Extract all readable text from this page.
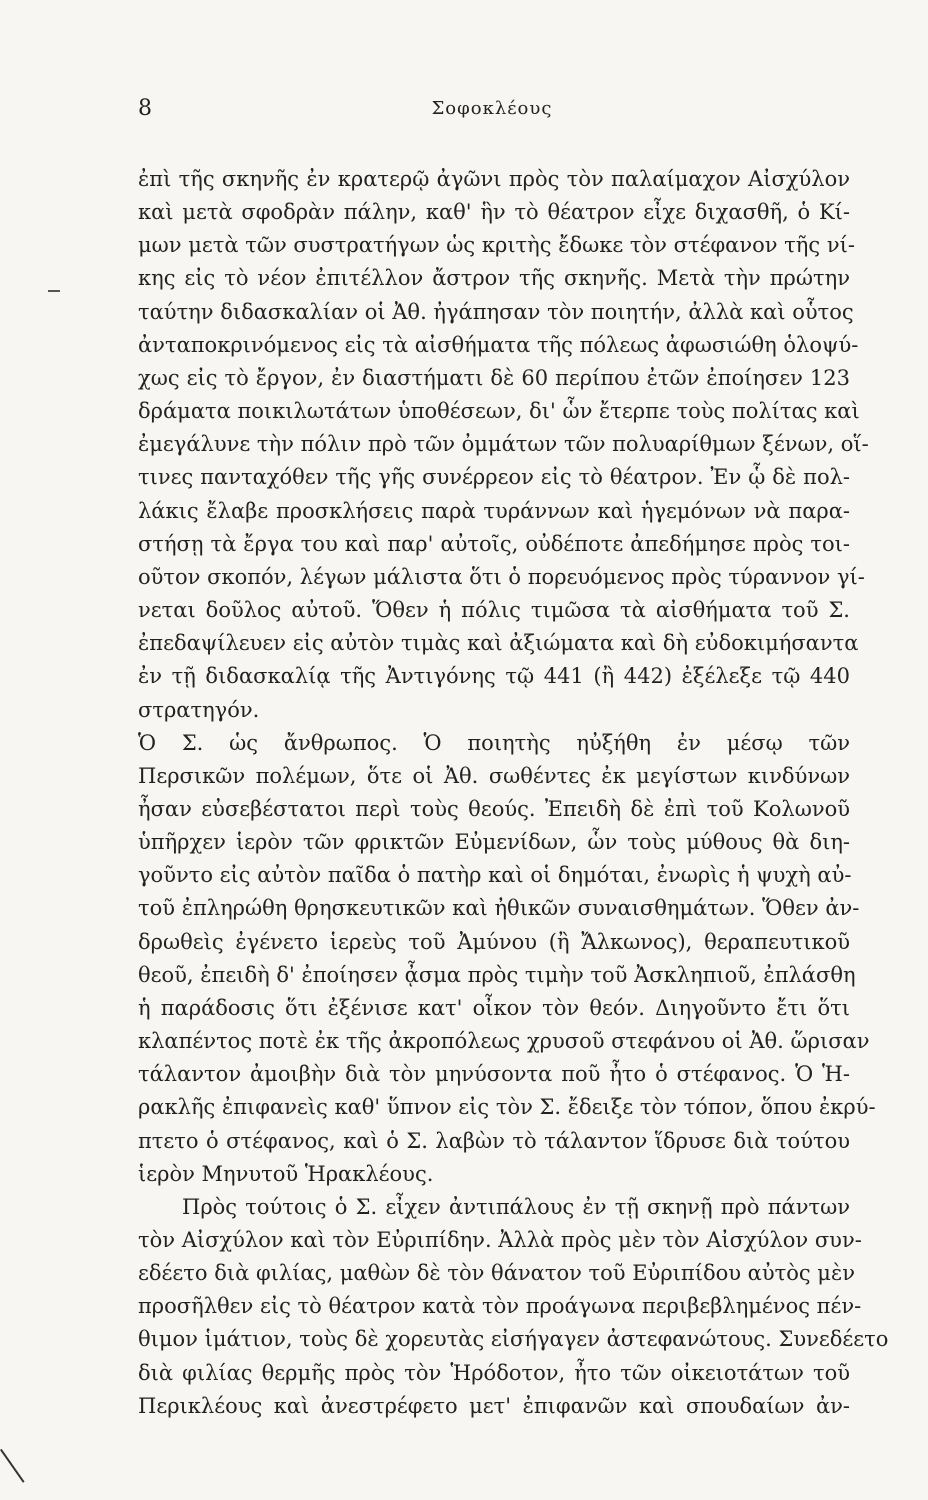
8	Σοφοκλέους
ἐπὶ τῆς σκηνῆς ἐν κρατερῷ ἀγῶνι πρὸς τὸν παλαίμαχον Αἰσχύλον
καὶ μετὰ σφοδρὰν πάλην, καθ' ἣν τὸ θέατρον εἶχε διχασθῆ, ὁ Κί-
μων μετὰ τῶν συστρατήγων ὡς κριτὴς ἔδωκε τὸν στέφανον τῆς νί-
κης εἰς τὸ νέον ἐπιτέλλον ἄστρον τῆς σκηνῆς. Μετὰ τὴν πρώτην
ταύτην διδασκαλίαν οἱ Ἀθ. ἠγάπησαν τὸν ποιητήν, ἀλλὰ καὶ οὗτος
ἀνταποκρινόμενος εἰς τὰ αἰσθήματα τῆς πόλεως ἀφωσιώθη ὁλοψύ-
χως εἰς τὸ ἔργον, ἐν διαστήματι δὲ 60 περίπου ἐτῶν ἐποίησεν 123
δράματα ποικιλωτάτων ὑποθέσεων, δι' ὧν ἔτερπε τοὺς πολίτας καὶ
ἐμεγάλυνε τὴν πόλιν πρὸ τῶν ὀμμάτων τῶν πολυαρίθμων ξένων, οἵ-
τινες πανταχόθεν τῆς γῆς συνέρρεον εἰς τὸ θέατρον. Ἐν ᾧ δὲ πολ-
λάκις ἔλαβε προσκλήσεις παρὰ τυράννων καὶ ἡγεμόνων νὰ παρα-
στήσῃ τὰ ἔργα του καὶ παρ' αὐτοῖς, οὐδέποτε ἀπεδήμησε πρὸς τοι-
οῦτον σκοπόν, λέγων μάλιστα ὅτι ὁ πορευόμενος πρὸς τύραννον γί-
νεται δοῦλος αὐτοῦ. Ὅθεν ἡ πόλις τιμῶσα τὰ αἰσθήματα τοῦ Σ.
ἐπεδαψίλευεν εἰς αὐτὸν τιμὰς καὶ ἀξιώματα καὶ δὴ εὐδοκιμήσαντα
ἐν τῇ διδασκαλίᾳ τῆς Ἀντιγόνης τῷ 441 (ἢ 442) ἐξέλεξε τῷ 440
στρατηγόν.
Ὁ Σ. ὡς ἄνθρωπος. Ὁ ποιητὴς ηὐξήθη ἐν μέσῳ τῶν
Περσικῶν πολέμων, ὅτε οἱ Ἀθ. σωθέντες ἐκ μεγίστων κινδύνων
ἦσαν εὐσεβέστατοι περὶ τοὺς θεούς. Ἐπειδὴ δὲ ἐπὶ τοῦ Κολωνοῦ
ὑπῆρχεν ἱερὸν τῶν φρικτῶν Εὐμενίδων, ὧν τοὺς μύθους θὰ διη-
γοῦντο εἰς αὐτὸν παῖδα ὁ πατὴρ καὶ οἱ δημόται, ἐνωρὶς ἡ ψυχὴ αὐ-
τοῦ ἐπληρώθη θρησκευτικῶν καὶ ἠθικῶν συναισθημάτων. Ὅθεν ἀν-
δρωθεὶς ἐγένετο ἱερεὺς τοῦ Ἀμύνου (ἢ Ἄλκωνος), θεραπευτικοῦ
θεοῦ, ἐπειδὴ δ' ἐποίησεν ᾆσμα πρὸς τιμὴν τοῦ Ἀσκληπιοῦ, ἐπλάσθη
ἡ παράδοσις ὅτι ἐξένισε κατ' οἶκον τὸν θεόν. Διηγοῦντο ἔτι ὅτι
κλαπέντος ποτὲ ἐκ τῆς ἀκροπόλεως χρυσοῦ στεφάνου οἱ Ἀθ. ὥρισαν
τάλαντον ἀμοιβὴν διὰ τὸν μηνύσοντα ποῦ ἦτο ὁ στέφανος. Ὁ Ἡ-
ρακλῆς ἐπιφανεὶς καθ' ὕπνον εἰς τὸν Σ. ἔδειξε τὸν τόπον, ὅπου ἐκρύ-
πτετο ὁ στέφανος, καὶ ὁ Σ. λαβὼν τὸ τάλαντον ἵδρυσε διὰ τούτου
ἱερὸν Μηνυτοῦ Ἡρακλέους.
Πρὸς τούτοις ὁ Σ. εἶχεν ἀντιπάλους ἐν τῇ σκηνῇ πρὸ πάντων
τὸν Αἰσχύλον καὶ τὸν Εὐριπίδην. Ἀλλὰ πρὸς μὲν τὸν Αἰσχύλον συν-
εδέετο διὰ φιλίας, μαθὼν δὲ τὸν θάνατον τοῦ Εὐριπίδου αὐτὸς μὲν
προσῆλθεν εἰς τὸ θέατρον κατὰ τὸν προάγωνα περιβεβλημένος πέν-
θιμον ἱμάτιον, τοὺς δὲ χορευτὰς εἰσήγαγεν ἀστεφανώτους. Συνεδέετο
διὰ φιλίας θερμῆς πρὸς τὸν Ἡρόδοτον, ἦτο τῶν οἰκειοτάτων τοῦ
Περικλέους καὶ ἀνεστρέφετο μετ' ἐπιφανῶν καὶ σπουδαίων ἀν-
